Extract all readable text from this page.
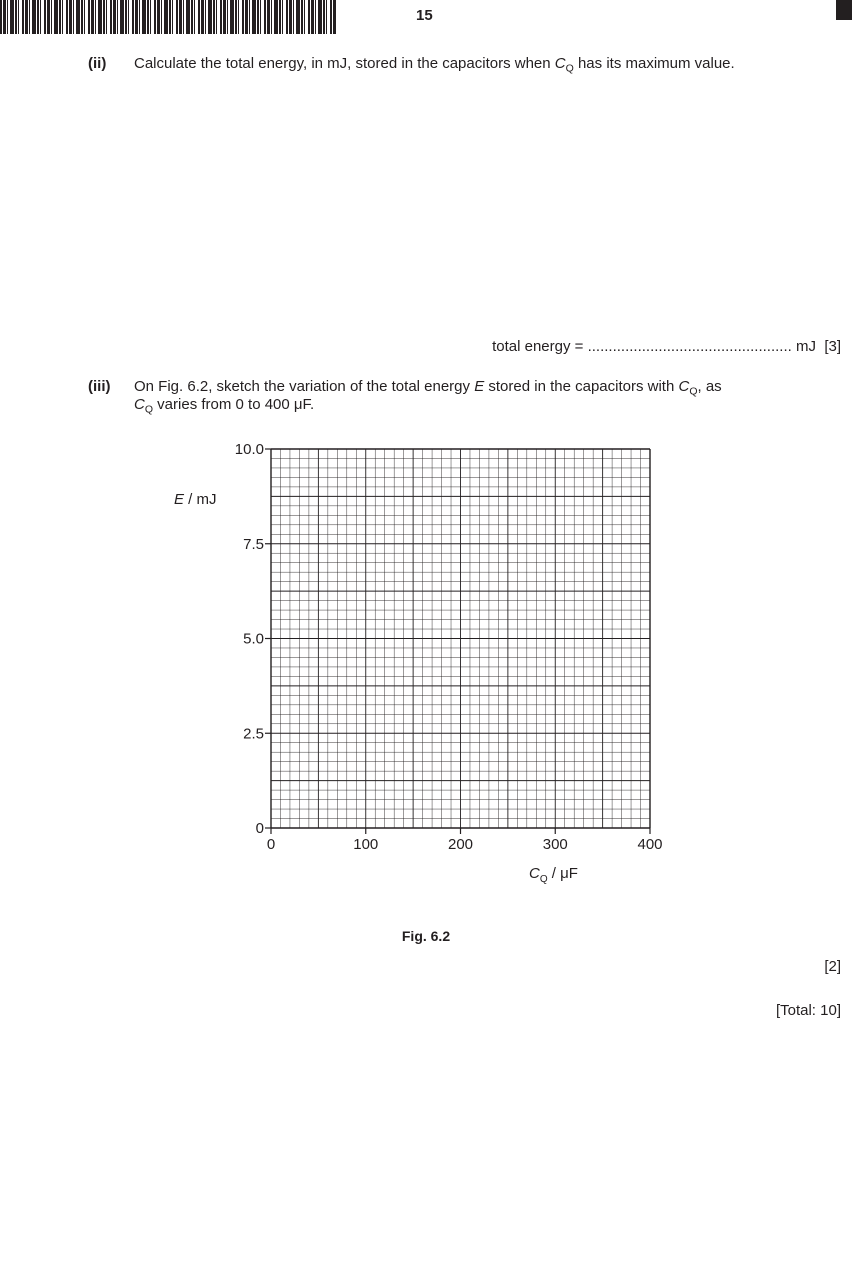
15
(ii) Calculate the total energy, in mJ, stored in the capacitors when $C_Q$ has its maximum value.
total energy = ................................................. mJ [3]
(iii) On Fig. 6.2, sketch the variation of the total energy E stored in the capacitors with $C_Q$, as
$C_Q$ varies from 0 to 400 μF.
E / mJ
$C_Q$ / μF
0
2.5
5.0
7.5
10.0
0	100	200	300	400
Fig. 6.2
[2]
[Total: 10]
